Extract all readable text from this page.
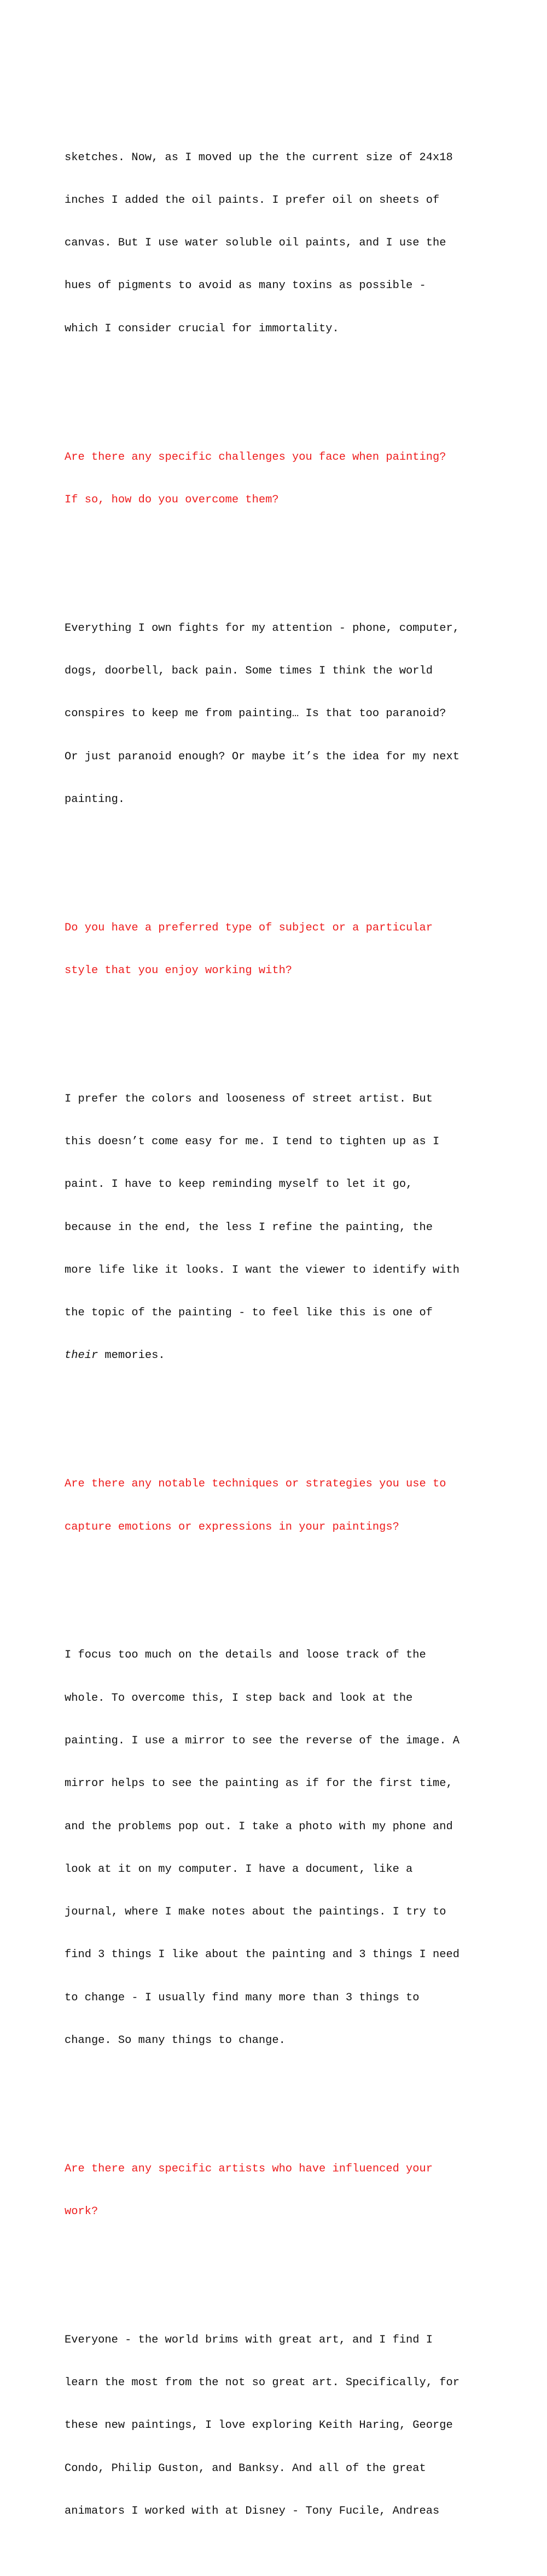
sketches. Now, as I moved up the the current size of 24x18

inches I added the oil paints. I prefer oil on sheets of

canvas. But I use water soluble oil paints, and I use the

hues of pigments to avoid as many toxins as possible -

which I consider crucial for immortality.

Are there any specific challenges you face when painting?

If so, how do you overcome them?

Everything I own fights for my attention - phone, computer,

dogs, doorbell, back pain. Some times I think the world

conspires to keep me from painting… Is that too paranoid?

Or just paranoid enough? Or maybe it’s the idea for my next

painting.

Do you have a preferred type of subject or a particular

style that you enjoy working with?

I prefer the colors and looseness of street artist. But

this doesn’t come easy for me. I tend to tighten up as I

paint. I have to keep reminding myself to let it go,

because in the end, the less I refine the painting, the

more life like it looks. I want the viewer to identify with

the topic of the painting - to feel like this is one of

their memories.

Are there any notable techniques or strategies you use to

capture emotions or expressions in your paintings?

I focus too much on the details and loose track of the

whole. To overcome this, I step back and look at the

painting. I use a mirror to see the reverse of the image. A

mirror helps to see the painting as if for the first time,

and the problems pop out. I take a photo with my phone and

look at it on my computer. I have a document, like a

journal, where I make notes about the paintings. I try to

find 3 things I like about the painting and 3 things I need

to change - I usually find many more than 3 things to

change. So many things to change.

Are there any specific artists who have influenced your

work?

Everyone - the world brims with great art, and I find I

learn the most from the not so great art. Specifically, for

these new paintings, I love exploring Keith Haring, George

Condo, Philip Guston, and Banksy. And all of the great

animators I worked with at Disney - Tony Fucile, Andreas
